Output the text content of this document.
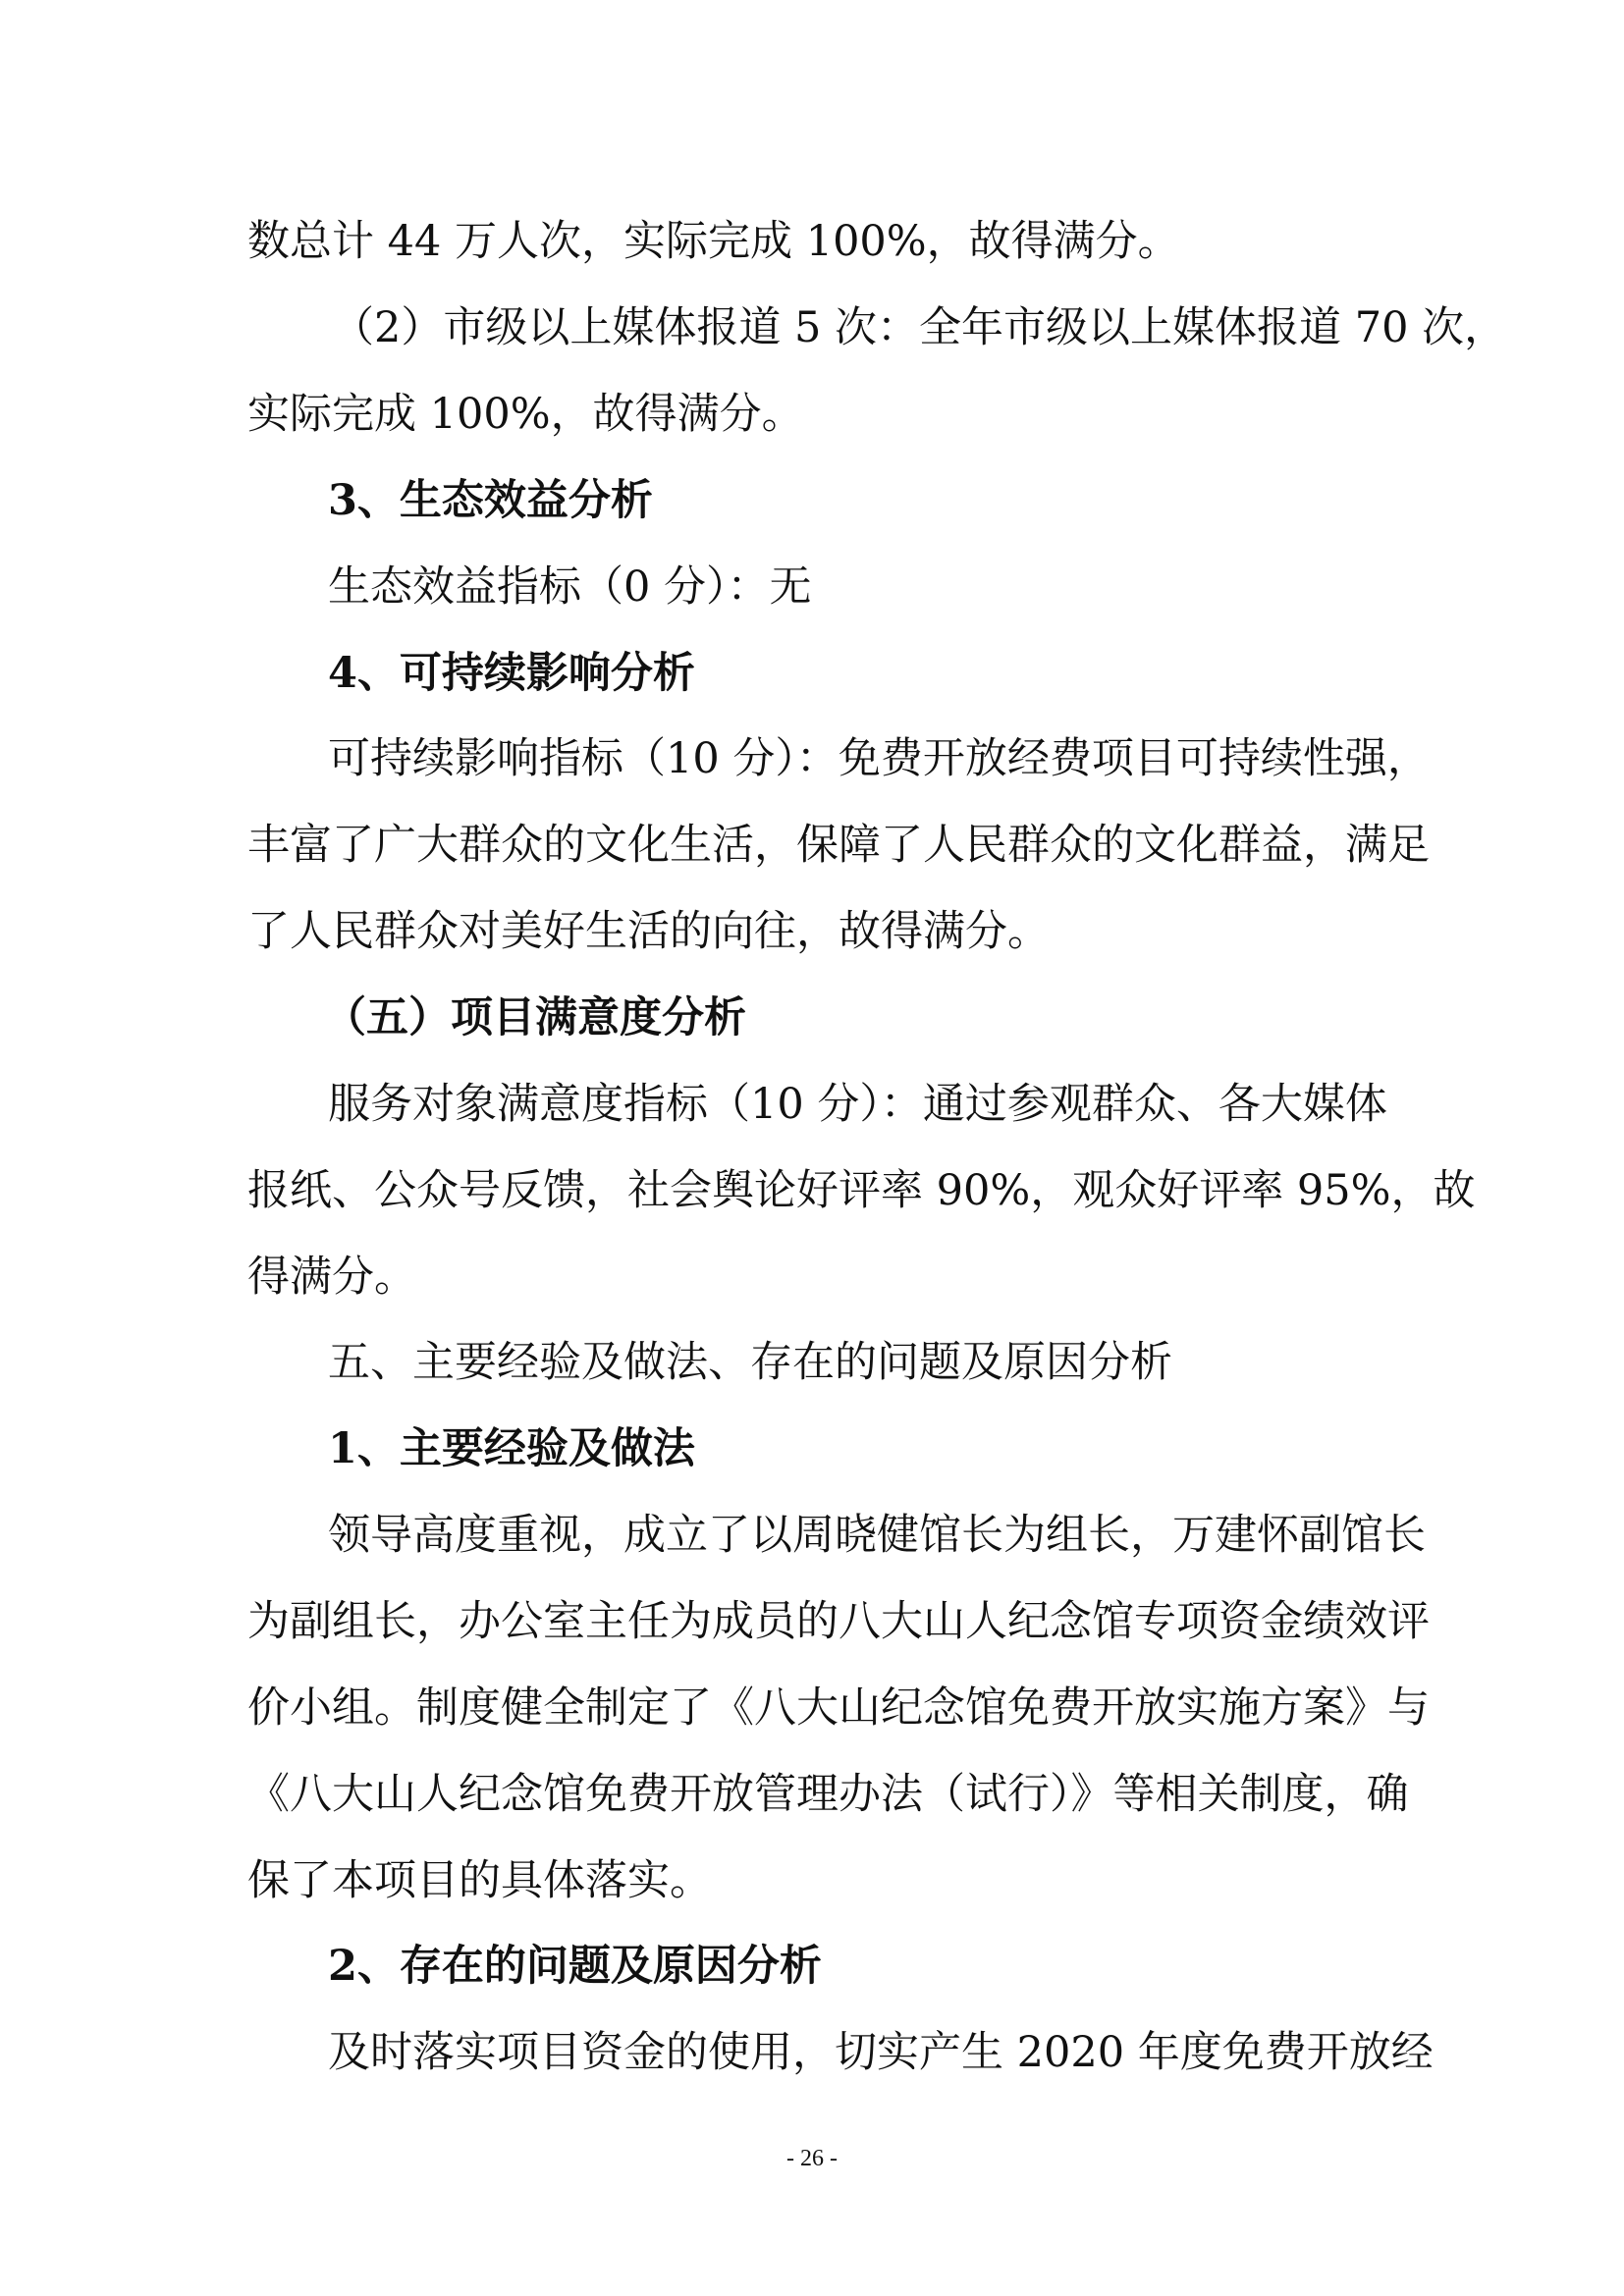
数总计 44 万人次，实际完成 100%，故得满分。
（2）市级以上媒体报道 5 次：全年市级以上媒体报道 70 次，
实际完成 100%，故得满分。
3、生态效益分析
生态效益指标（0 分）：无
4、可持续影响分析
可持续影响指标（10 分）：免费开放经费项目可持续性强，
丰富了广大群众的文化生活，保障了人民群众的文化群益，满足
了人民群众对美好生活的向往，故得满分。
（五）项目满意度分析
服务对象满意度指标（10 分）：通过参观群众、各大媒体
报纸、公众号反馈，社会舆论好评率 90%，观众好评率 95%，故
得满分。
五、主要经验及做法、存在的问题及原因分析
1、主要经验及做法
领导高度重视，成立了以周晓健馆长为组长，万建怀副馆长
为副组长，办公室主任为成员的八大山人纪念馆专项资金绩效评
价小组。制度健全制定了《八大山纪念馆免费开放实施方案》与
《八大山人纪念馆免费开放管理办法（试行）》等相关制度，确
保了本项目的具体落实。
2、存在的问题及原因分析
及时落实项目资金的使用，切实产生 2020 年度免费开放经
- 26 -
